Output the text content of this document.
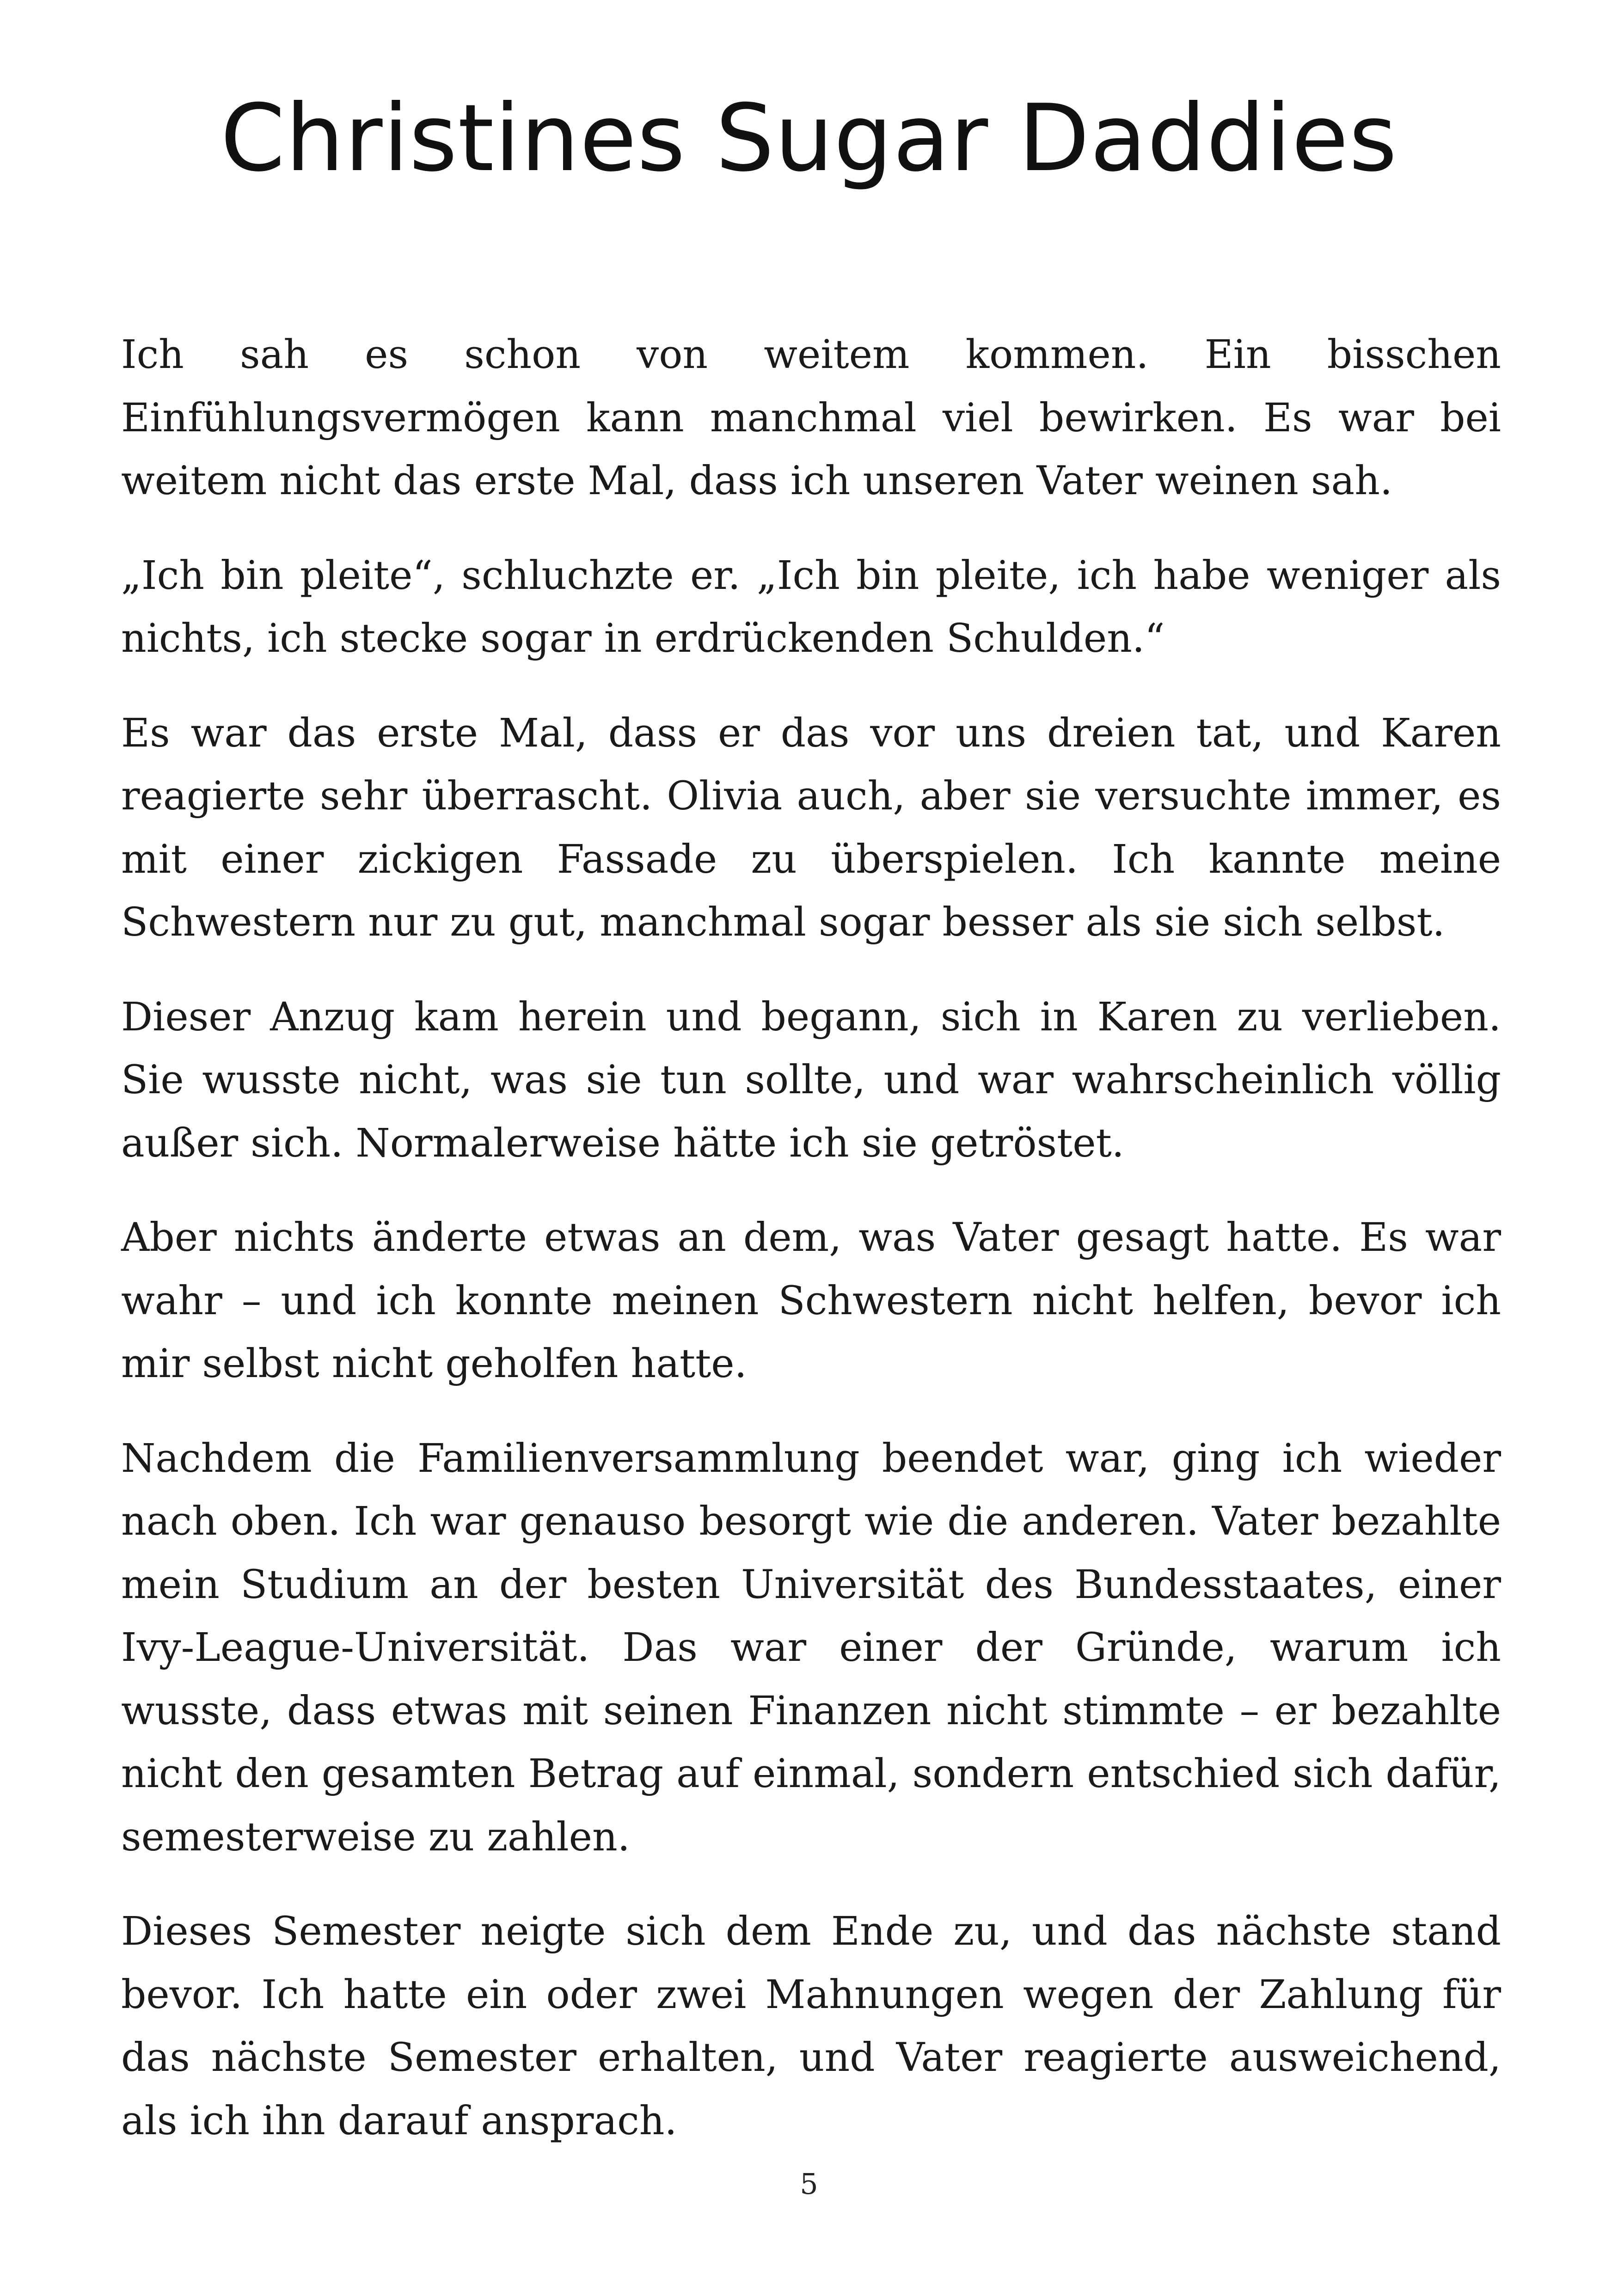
Christines Sugar Daddies

Ich sah es schon von weitem kommen. Ein bisschen Einfühlungsvermögen kann manchmal viel bewirken. Es war bei weitem nicht das erste Mal, dass ich unseren Vater weinen sah.

„Ich bin pleite“, schluchzte er. „Ich bin pleite, ich habe weniger als nichts, ich stecke sogar in erdrückenden Schulden.“

Es war das erste Mal, dass er das vor uns dreien tat, und Karen reagierte sehr überrascht. Olivia auch, aber sie versuchte immer, es mit einer zickigen Fassade zu überspielen. Ich kannte meine Schwestern nur zu gut, manchmal sogar besser als sie sich selbst.

Dieser Anzug kam herein und begann, sich in Karen zu verlieben. Sie wusste nicht, was sie tun sollte, und war wahrscheinlich völlig außer sich. Normalerweise hätte ich sie getröstet.

Aber nichts änderte etwas an dem, was Vater gesagt hatte. Es war wahr – und ich konnte meinen Schwestern nicht helfen, bevor ich mir selbst nicht geholfen hatte.

Nachdem die Familienversammlung beendet war, ging ich wieder nach oben. Ich war genauso besorgt wie die anderen. Vater bezahlte mein Studium an der besten Universität des Bundesstaates, einer Ivy-League-Universität. Das war einer der Gründe, warum ich wusste, dass etwas mit seinen Finanzen nicht stimmte – er bezahlte nicht den gesamten Betrag auf einmal, sondern entschied sich dafür, semesterweise zu zahlen.

Dieses Semester neigte sich dem Ende zu, und das nächste stand bevor. Ich hatte ein oder zwei Mahnungen wegen der Zahlung für das nächste Semester erhalten, und Vater reagierte ausweichend, als ich ihn darauf ansprach.

5
